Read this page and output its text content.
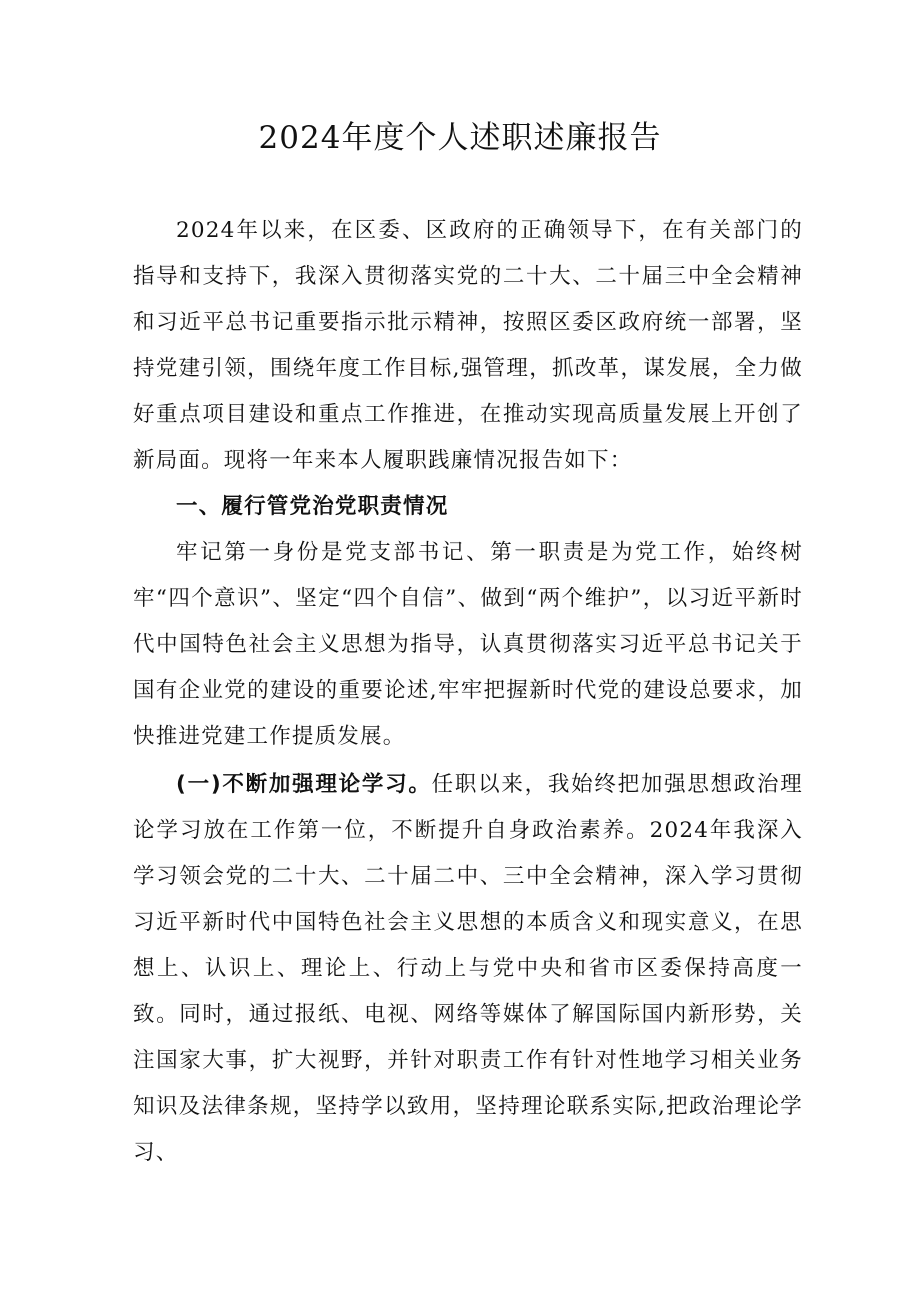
2024年度个人述职述廉报告

2024年以来，在区委、区政府的正确领导下，在有关部门的指导和支持下，我深入贯彻落实党的二十大、二十届三中全会精神和习近平总书记重要指示批示精神，按照区委区政府统一部署，坚持党建引领，围绕年度工作目标,强管理，抓改革，谋发展，全力做好重点项目建设和重点工作推进，在推动实现高质量发展上开创了新局面。现将一年来本人履职践廉情况报告如下：

一、履行管党治党职责情况

牢记第一身份是党支部书记、第一职责是为党工作，始终树牢“四个意识”、坚定“四个自信”、做到“两个维护”，以习近平新时代中国特色社会主义思想为指导，认真贯彻落实习近平总书记关于国有企业党的建设的重要论述,牢牢把握新时代党的建设总要求，加快推进党建工作提质发展。

(一)不断加强理论学习。任职以来，我始终把加强思想政治理论学习放在工作第一位，不断提升自身政治素养。2024年我深入学习领会党的二十大、二十届二中、三中全会精神，深入学习贯彻习近平新时代中国特色社会主义思想的本质含义和现实意义，在思想上、认识上、理论上、行动上与党中央和省市区委保持高度一致。同时，通过报纸、电视、网络等媒体了解国际国内新形势，关注国家大事，扩大视野，并针对职责工作有针对性地学习相关业务知识及法律条规，坚持学以致用，坚持理论联系实际,把政治理论学习、
